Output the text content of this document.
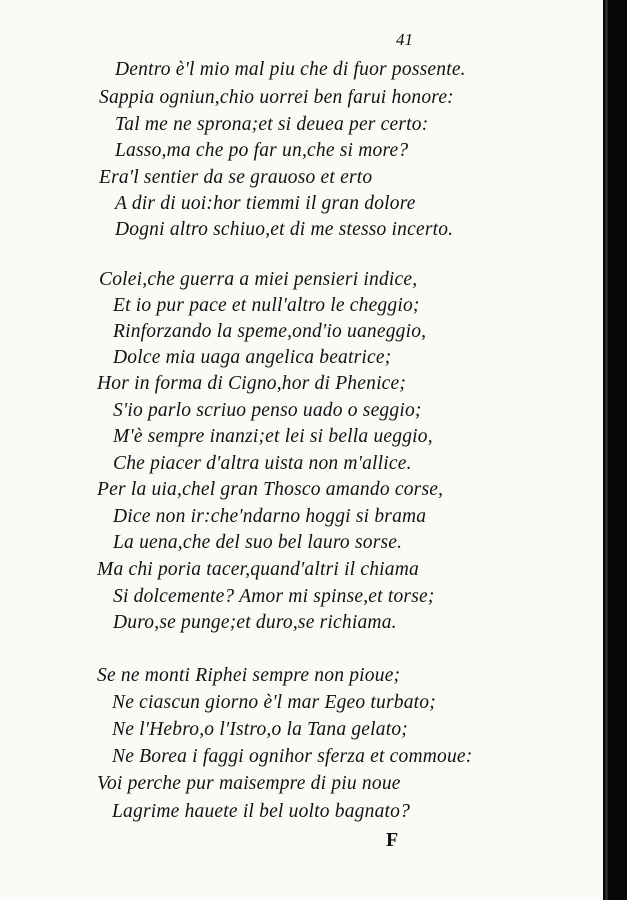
41
Dentro è'l mio mal piu che di fuor possente.
Sappia ogniun,chio uorrei ben farui honore:
Tal me ne sprona;et si deuea per certo:
Lasso,ma che po far un,che si more?
Era'l sentier da se grauoso et erto
A dir di uoi:hor tiemmi il gran dolore
Dogni altro schiuo,et di me stesso incerto.
Colei,che guerra a miei pensieri indice,
Et io pur pace et null'altro le cheggio;
Rinforzando la speme,ond'io uaneggio,
Dolce mia uaga angelica beatrice;
Hor in forma di Cigno,hor di Phenice;
S'io parlo scriuo penso uado o seggio;
M'è sempre inanzi;et lei si bella ueggio,
Che piacer d'altra uista non m'allice.
Per la uia,chel gran Thosco amando corse,
Dice non ir:che'ndarno hoggi si brama
La uena,che del suo bel lauro sorse.
Ma chi poria tacer,quand'altri il chiama
Si dolcemente? Amor mi spinse,et torse;
Duro,se punge;et duro,se richiama.
Se ne monti Riphei sempre non pioue;
Ne ciascun giorno è'l mar Egeo turbato;
Ne l'Hebro,o l'Istro,o la Tana gelato;
Ne Borea i faggi ognihor sferza et commoue:
Voi perche pur maisempre di piu noue
Lagrime hauete il bel uolto bagnato?
F
